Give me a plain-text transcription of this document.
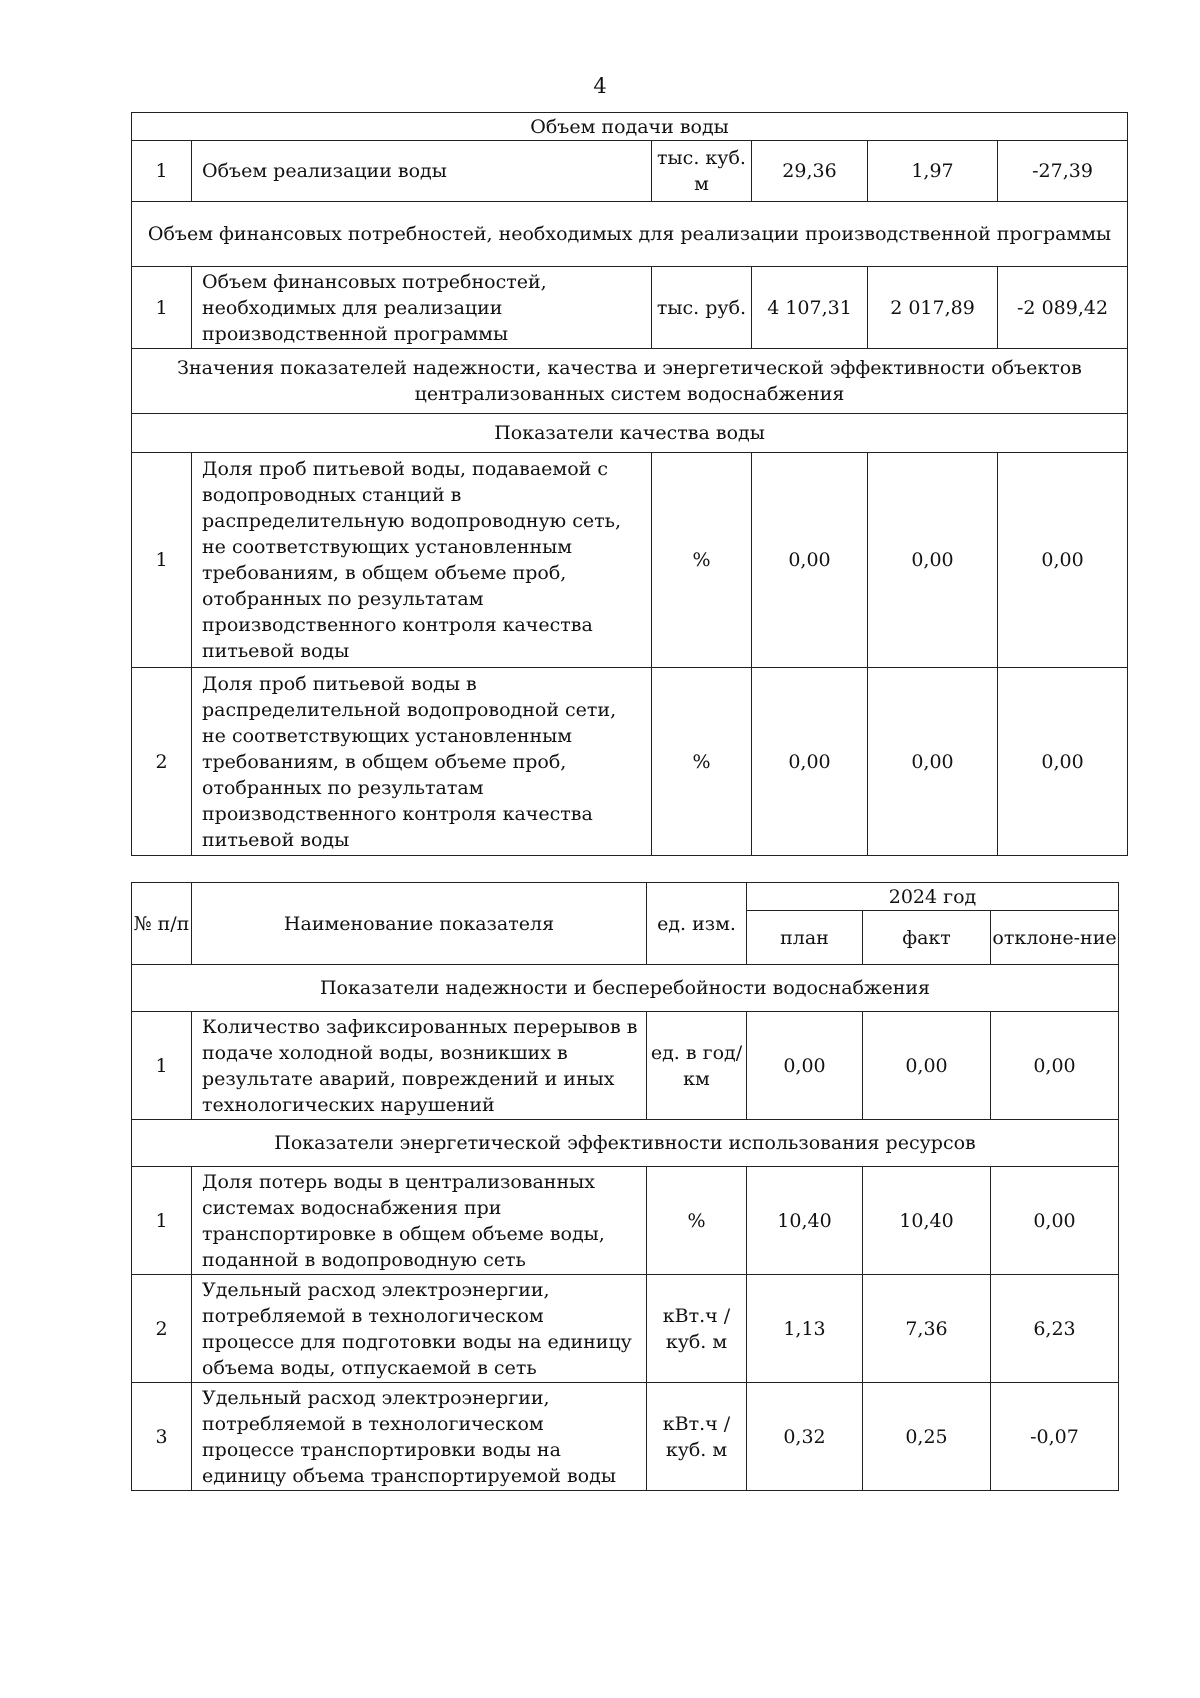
4
Объем подачи воды					
1	Объем реализации воды	тыс. куб. м	29,36	1,97	-27,39
Объем финансовых потребностей, необходимых для реализации производственной программы					
1	Объем финансовых потребностей, необходимых для реализации производственной программы	тыс. руб.	4 107,31	2 017,89	-2 089,42
Значения показателей надежности, качества и энергетической эффективности объектов централизованных систем водоснабжения					
Показатели качества воды					
1	Доля проб питьевой воды, подаваемой с водопроводных станций в распределительную водопроводную сеть, не соответствующих установленным требованиям, в общем объеме проб, отобранных по результатам производственного контроля качества питьевой воды	%	0,00	0,00	0,00
2	Доля проб питьевой воды в распределительной водопроводной сети, не соответствующих установленным требованиям, в общем объеме проб, отобранных по результатам производственного контроля качества питьевой воды	%	0,00	0,00	0,00
№ п/п	Наименование показателя	ед. изм.	2024 год		
			план	факт	отклоне-ние
Показатели надежности и бесперебойности водоснабжения					
1	Количество зафиксированных перерывов в подаче холодной воды, возникших в результате аварий, повреждений и иных технологических нарушений	ед. в год/ км	0,00	0,00	0,00
Показатели энергетической эффективности использования ресурсов					
1	Доля потерь воды в централизованных системах водоснабжения при транспортировке в общем объеме воды, поданной в водопроводную сеть	%	10,40	10,40	0,00
2	Удельный расход электроэнергии, потребляемой в технологическом процессе для подготовки воды на единицу объема воды, отпускаемой в сеть	кВт.ч / куб. м	1,13	7,36	6,23
3	Удельный расход электроэнергии, потребляемой в технологическом процессе транспортировки воды на единицу объема транспортируемой воды	кВт.ч / куб. м	0,32	0,25	-0,07
